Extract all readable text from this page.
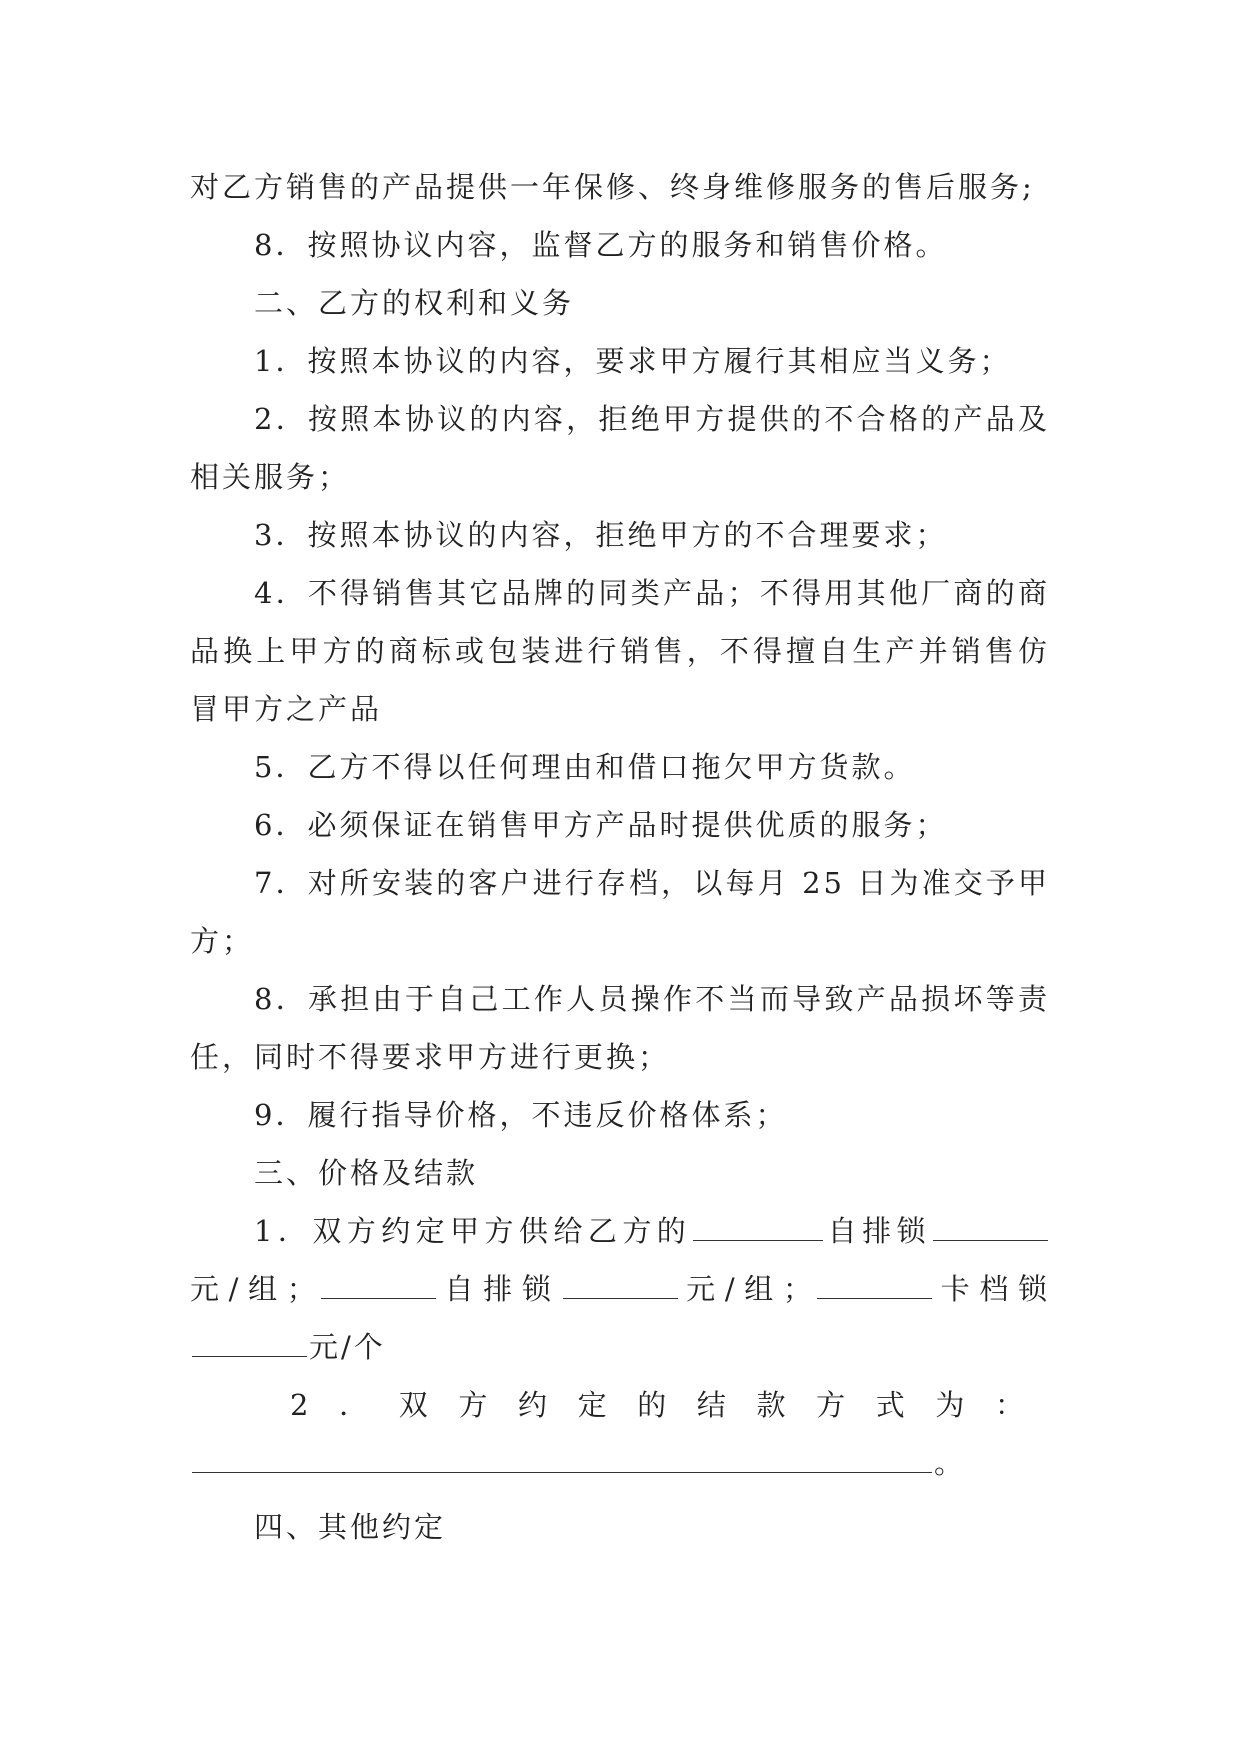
对乙方销售的产品提供一年保修、终身维修服务的售后服务;

8．按照协议内容，监督乙方的服务和销售价格。

二、乙方的权利和义务

1．按照本协议的内容，要求甲方履行其相应当义务；

2．按照本协议的内容，拒绝甲方提供的不合格的产品及相关服务；

3．按照本协议的内容，拒绝甲方的不合理要求；

4．不得销售其它品牌的同类产品；不得用其他厂商的商品换上甲方的商标或包装进行销售，不得擅自生产并销售仿冒甲方之产品

5．乙方不得以任何理由和借口拖欠甲方货款。

6．必须保证在销售甲方产品时提供优质的服务；

7．对所安装的客户进行存档，以每月 25 日为准交予甲方；

8．承担由于自己工作人员操作不当而导致产品损坏等责任，同时不得要求甲方进行更换；

9．履行指导价格，不违反价格体系；

三、价格及结款

1．双方约定甲方供给乙方的	自排锁元/组；	自排锁	元/组；	卡档锁元/个

2．双方约定的结款方式为：

。

四、其他约定
